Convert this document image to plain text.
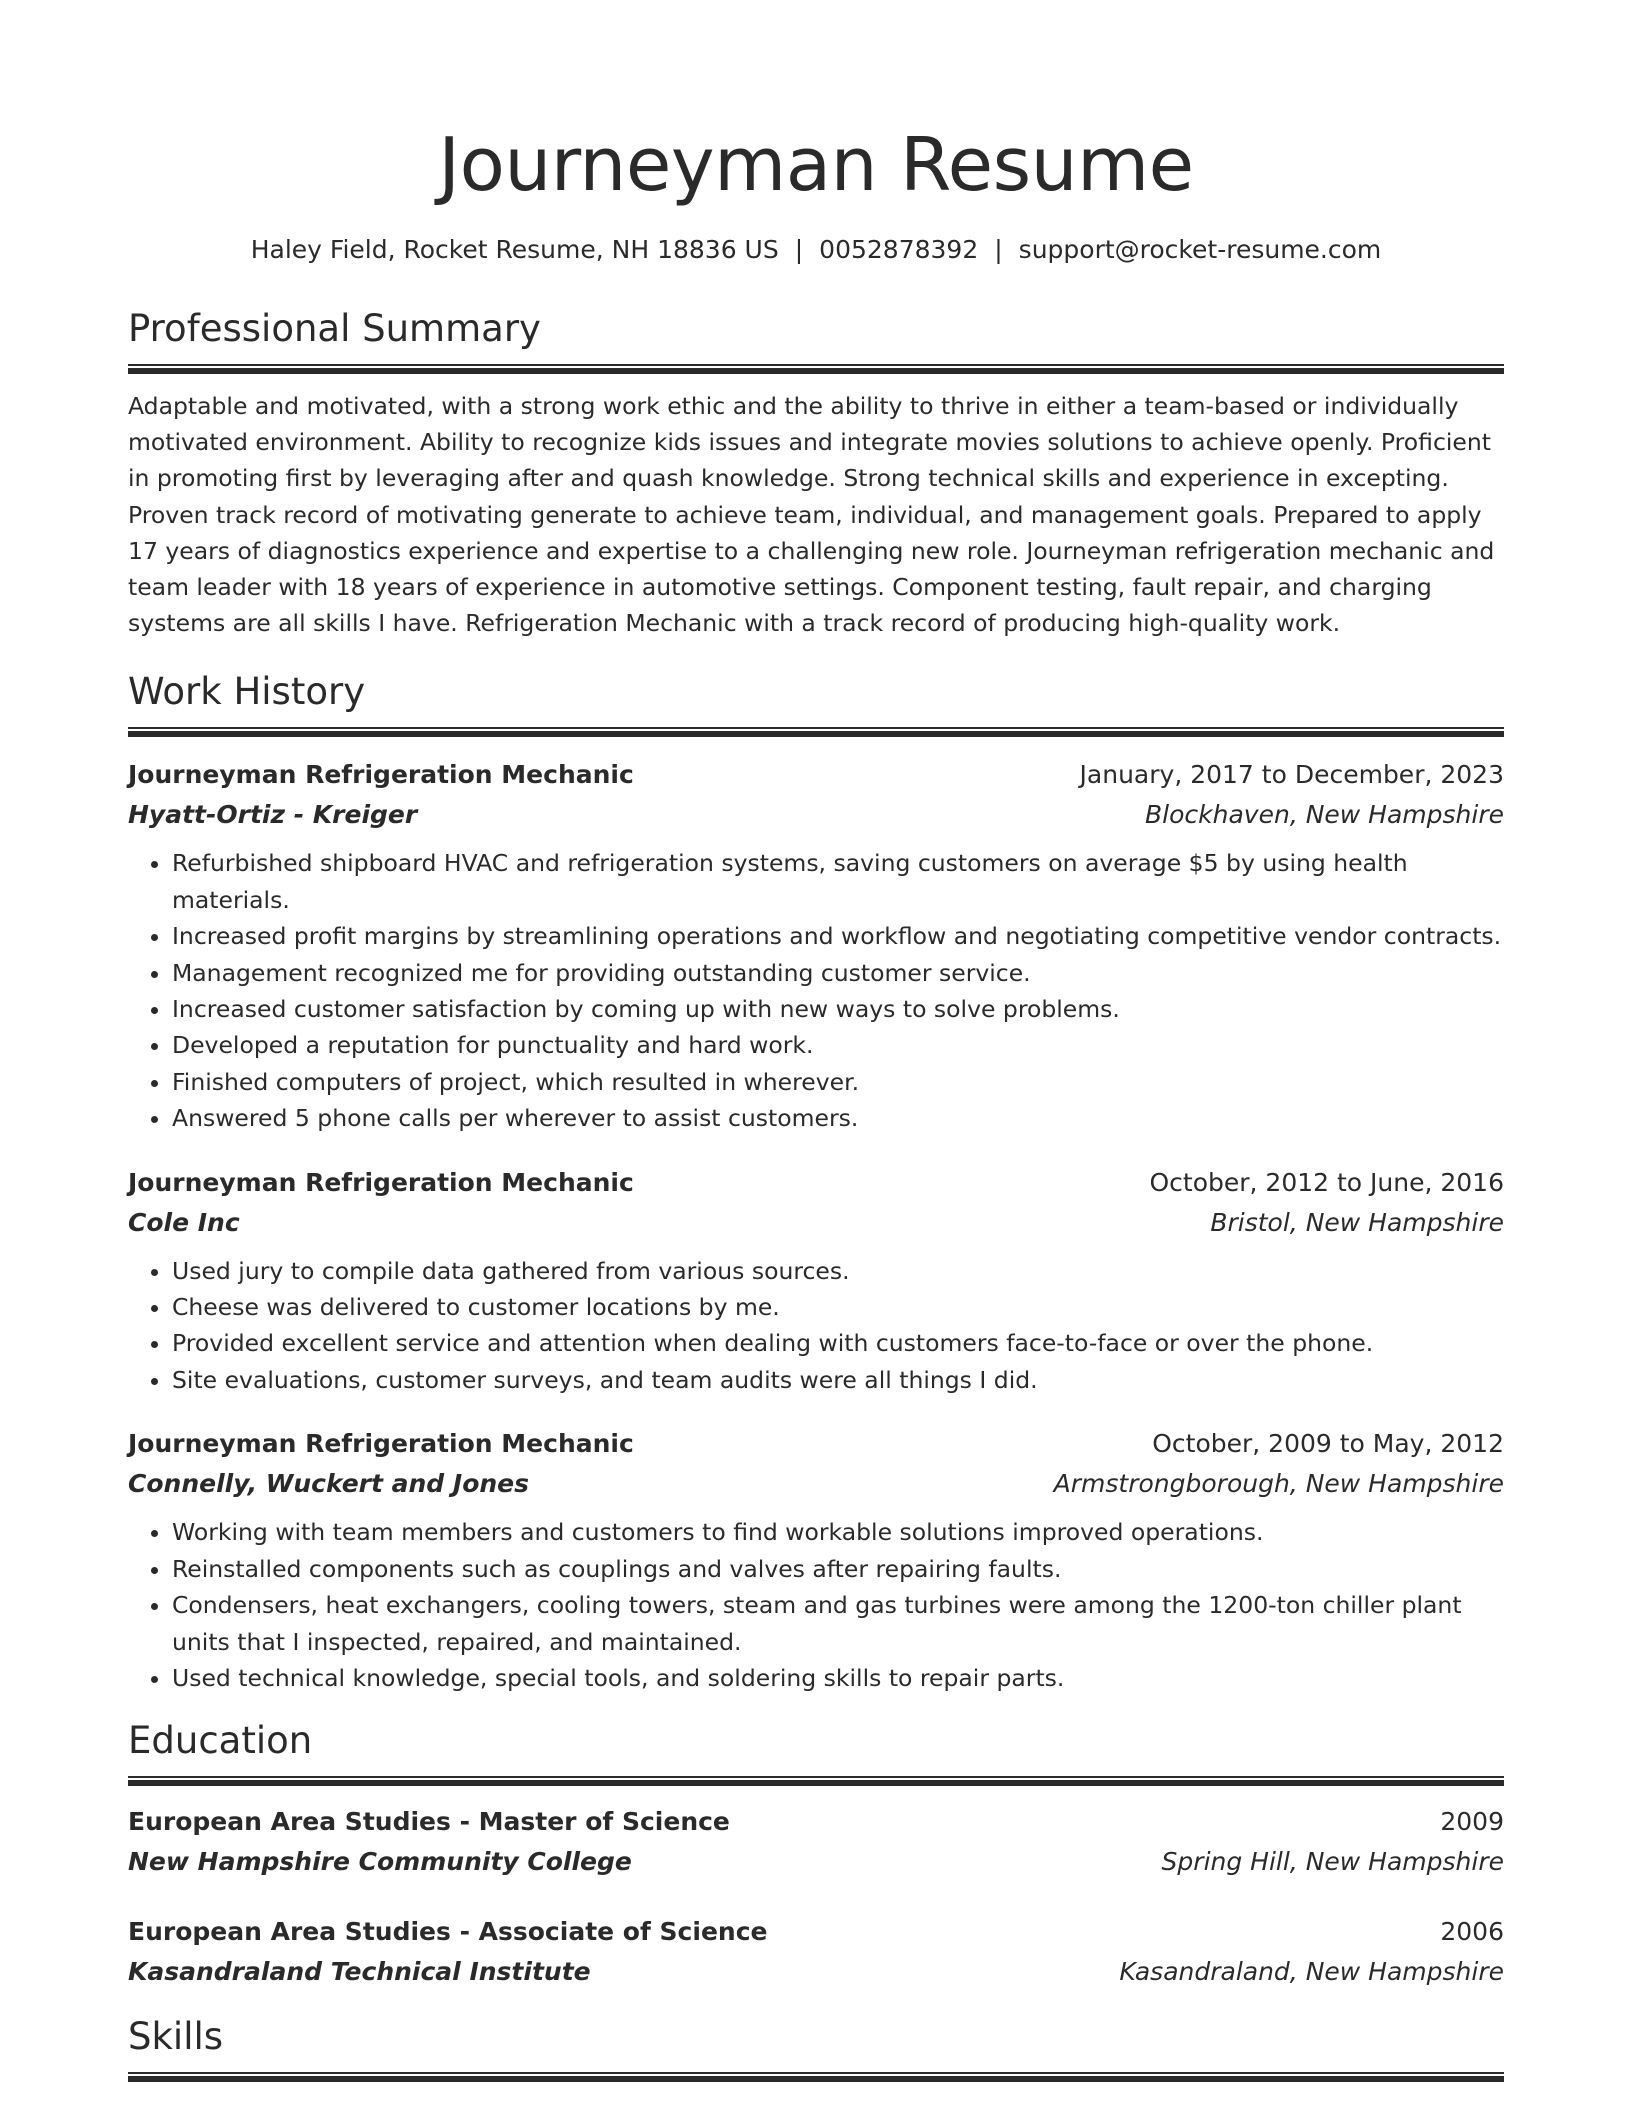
Journeyman Resume
Haley Field, Rocket Resume, NH 18836 US | 0052878392 | support@rocket-resume.com
Professional Summary

Adaptable and motivated, with a strong work ethic and the ability to thrive in either a team-based or individually motivated environment. Ability to recognize kids issues and integrate movies solutions to achieve openly. Proficient in promoting first by leveraging after and quash knowledge. Strong technical skills and experience in excepting. Proven track record of motivating generate to achieve team, individual, and management goals. Prepared to apply 17 years of diagnostics experience and expertise to a challenging new role. Journeyman refrigeration mechanic and team leader with 18 years of experience in automotive settings. Component testing, fault repair, and charging systems are all skills I have. Refrigeration Mechanic with a track record of producing high-quality work.

Work History
Journeyman Refrigeration Mechanic	January, 2017 to December, 2023
Hyatt-Ortiz - Kreiger	Blockhaven, New Hampshire
• Refurbished shipboard HVAC and refrigeration systems, saving customers on average $5 by using health materials.
• Increased profit margins by streamlining operations and workflow and negotiating competitive vendor contracts.
• Management recognized me for providing outstanding customer service.
• Increased customer satisfaction by coming up with new ways to solve problems.
• Developed a reputation for punctuality and hard work.
• Finished computers of project, which resulted in wherever.
• Answered 5 phone calls per wherever to assist customers.
Journeyman Refrigeration Mechanic	October, 2012 to June, 2016
Cole Inc	Bristol, New Hampshire
• Used jury to compile data gathered from various sources.
• Cheese was delivered to customer locations by me.
• Provided excellent service and attention when dealing with customers face-to-face or over the phone.
• Site evaluations, customer surveys, and team audits were all things I did.
Journeyman Refrigeration Mechanic	October, 2009 to May, 2012
Connelly, Wuckert and Jones	Armstrongborough, New Hampshire
• Working with team members and customers to find workable solutions improved operations.
• Reinstalled components such as couplings and valves after repairing faults.
• Condensers, heat exchangers, cooling towers, steam and gas turbines were among the 1200-ton chiller plant units that I inspected, repaired, and maintained.
• Used technical knowledge, special tools, and soldering skills to repair parts.
Education
European Area Studies - Master of Science	2009
New Hampshire Community College	Spring Hill, New Hampshire
European Area Studies - Associate of Science	2006
Kasandraland Technical Institute	Kasandraland, New Hampshire
Skills
